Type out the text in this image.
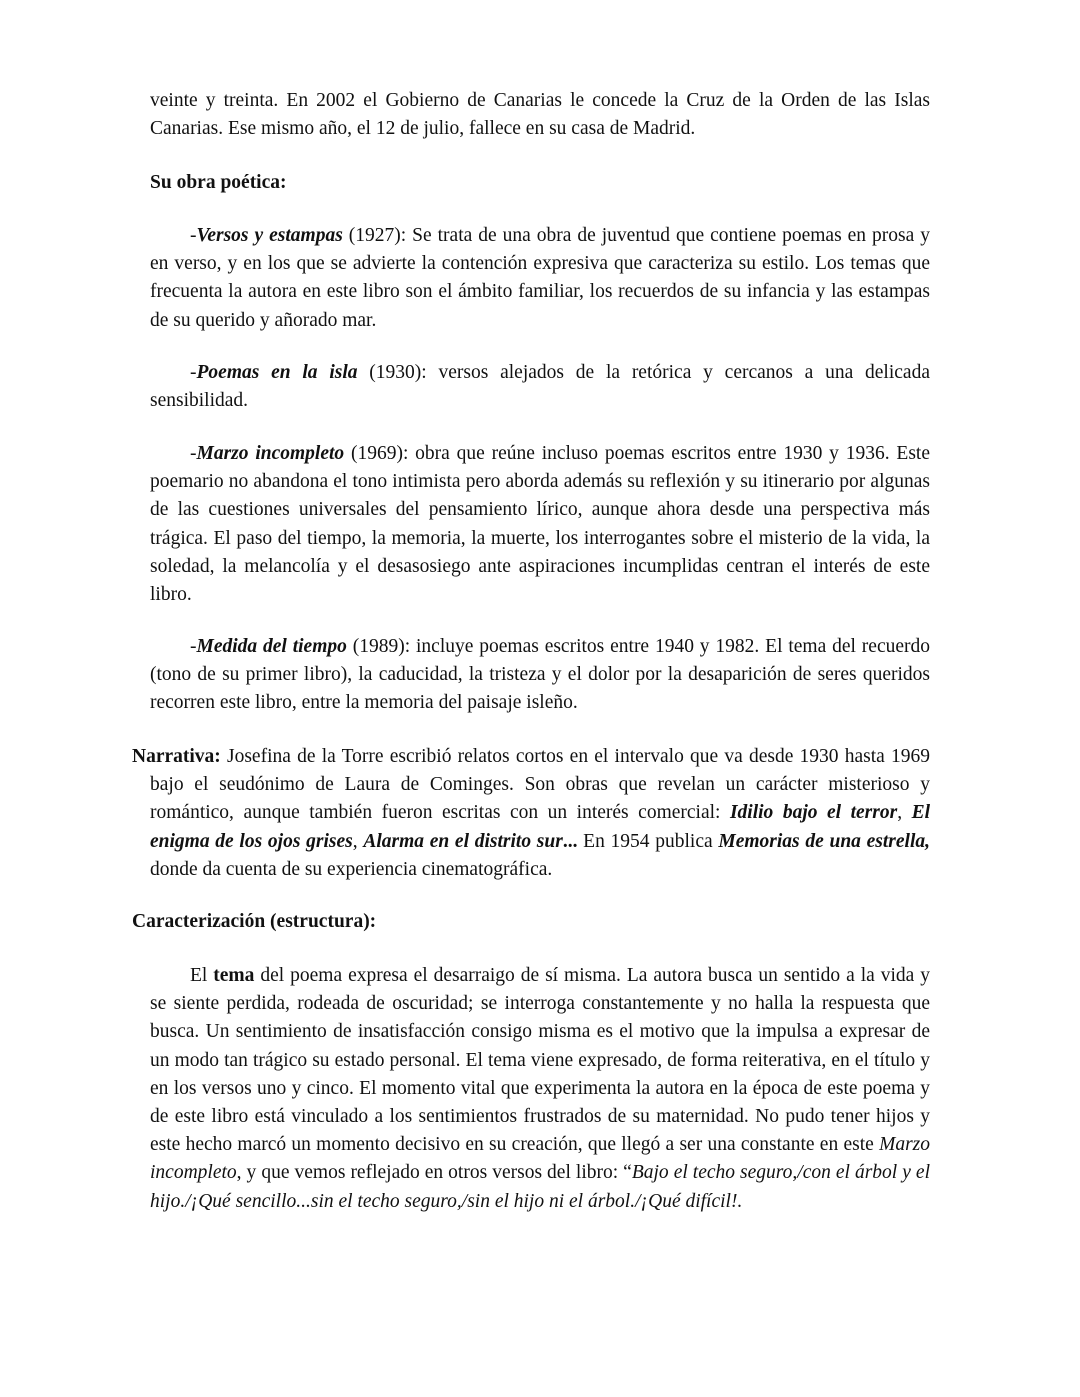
veinte y treinta. En 2002 el Gobierno de Canarias le concede la Cruz de la Orden de las Islas Canarias. Ese mismo año, el 12 de julio, fallece en su casa de Madrid.

Su obra poética:

-Versos y estampas (1927): Se trata de una obra de juventud que contiene poemas en prosa y en verso, y en los que se advierte la contención expresiva que caracteriza su estilo. Los temas que frecuenta la autora en este libro son el ámbito familiar, los recuerdos de su infancia y las estampas de su querido y añorado mar.

-Poemas en la isla (1930): versos alejados de la retórica y cercanos a una delicada sensibilidad.

-Marzo incompleto (1969): obra que reúne incluso poemas escritos entre 1930 y 1936. Este poemario no abandona el tono intimista pero aborda además su reflexión y su itinerario por algunas de las cuestiones universales del pensamiento lírico, aunque ahora desde una perspectiva más trágica. El paso del tiempo, la memoria, la muerte, los interrogantes sobre el misterio de la vida, la soledad, la melancolía y el desasosiego ante aspiraciones incumplidas centran el interés de este libro.

-Medida del tiempo (1989): incluye poemas escritos entre 1940 y 1982. El tema del recuerdo (tono de su primer libro), la caducidad, la tristeza y el dolor por la desaparición de seres queridos recorren este libro, entre la memoria del paisaje isleño.

Narrativa: Josefina de la Torre escribió relatos cortos en el intervalo que va desde 1930 hasta 1969 bajo el seudónimo de Laura de Cominges. Son obras que revelan un carácter misterioso y romántico, aunque también fueron escritas con un interés comercial: Idilio bajo el terror, El enigma de los ojos grises, Alarma en el distrito sur... En 1954 publica Memorias de una estrella, donde da cuenta de su experiencia cinematográfica.

Caracterización (estructura):

El tema del poema expresa el desarraigo de sí misma. La autora busca un sentido a la vida y se siente perdida, rodeada de oscuridad; se interroga constantemente y no halla la respuesta que busca. Un sentimiento de insatisfacción consigo misma es el motivo que la impulsa a expresar de un modo tan trágico su estado personal. El tema viene expresado, de forma reiterativa, en el título y en los versos uno y cinco. El momento vital que experimenta la autora en la época de este poema y de este libro está vinculado a los sentimientos frustrados de su maternidad. No pudo tener hijos y este hecho marcó un momento decisivo en su creación, que llegó a ser una constante en este Marzo incompleto, y que vemos reflejado en otros versos del libro: “Bajo el techo seguro,/con el árbol y el hijo./¡Qué sencillo...sin el techo seguro,/sin el hijo ni el árbol./¡Qué difícil!.
